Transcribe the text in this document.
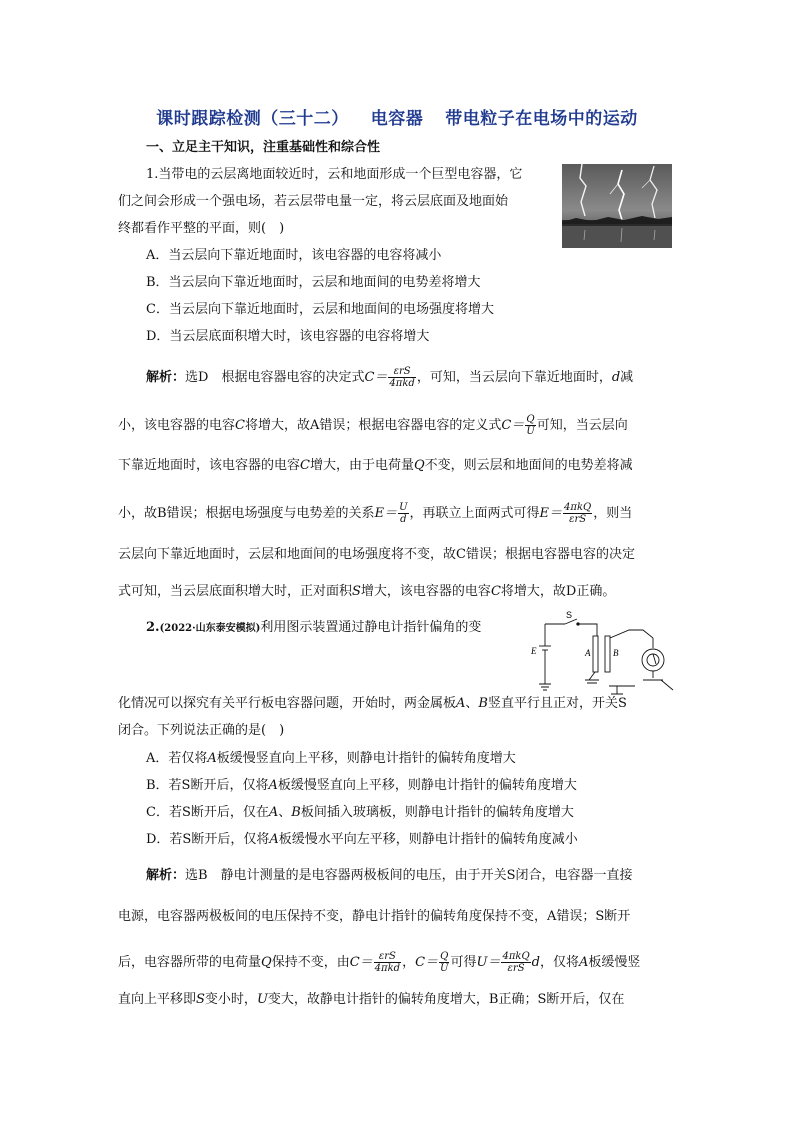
课时跟踪检测（三十二） 电容器 带电粒子在电场中的运动
一、立足主干知识，注重基础性和综合性
1.当带电的云层离地面较近时，云和地面形成一个巨型电容器，它
们之间会形成一个强电场，若云层带电量一定，将云层底面及地面始
终都看作平整的平面，则(　)
A．当云层向下靠近地面时，该电容器的电容将减小
B．当云层向下靠近地面时，云层和地面间的电势差将增大
C．当云层向下靠近地面时，云层和地面间的电场强度将增大
D．当云层底面积增大时，该电容器的电容将增大
解析：选D　根据电容器电容的决定式$C= \frac{\text{εrS}}{\text{4πkd}}$ ，可知，当云层向下靠近地面时，d减
小，该电容器的电容C将增大，故A错误；根据电容器电容的定义式$C= \frac{Q}{U}$ 可知，当云层向
下靠近地面时，该电容器的电容C增大，由于电荷量Q不变，则云层和地面间的电势差将减
小，故B错误；根据电场强度与电势差的关系$E= \frac{U}{d}$ ，再联立上面两式可得$E= \frac{\text{4πkQ}}{\text{εrS}}$ ，则当
云层向下靠近地面时，云层和地面间的电场强度将不变，故C错误；根据电容器电容的决定
式可知，当云层底面积增大时，正对面积S增大，该电容器的电容C将增大，故D正确。
2.(2022·山东泰安模拟)利用图示装置通过静电计指针偏角的变
S
E	A	B
化情况可以探究有关平行板电容器问题，开始时，两金属板A、B竖直平行且正对，开关S
闭合。下列说法正确的是(　)
A．若仅将A板缓慢竖直向上平移，则静电计指针的偏转角度增大
B．若S断开后，仅将A板缓慢竖直向上平移，则静电计指针的偏转角度增大
C．若S断开后，仅在A、B板间插入玻璃板，则静电计指针的偏转角度增大
D．若S断开后，仅将A板缓慢水平向左平移，则静电计指针的偏转角度减小
解析：选B　静电计测量的是电容器两极板间的电压，由于开关S闭合，电容器一直接
电源，电容器两极板间的电压保持不变，静电计指针的偏转角度保持不变，A错误；S断开
后，电容器所带的电荷量Q保持不变，由$C= \frac{\text{εrS}}{\text{4πkd}}$ ，$C= \frac{Q}{U}$ 可得$U= \frac{\text{4πkQ}}{\text{εrS}}$ d，仅将A板缓慢竖
直向上平移即S变小时，U变大，故静电计指针的偏转角度增大，B正确；S断开后，仅在
